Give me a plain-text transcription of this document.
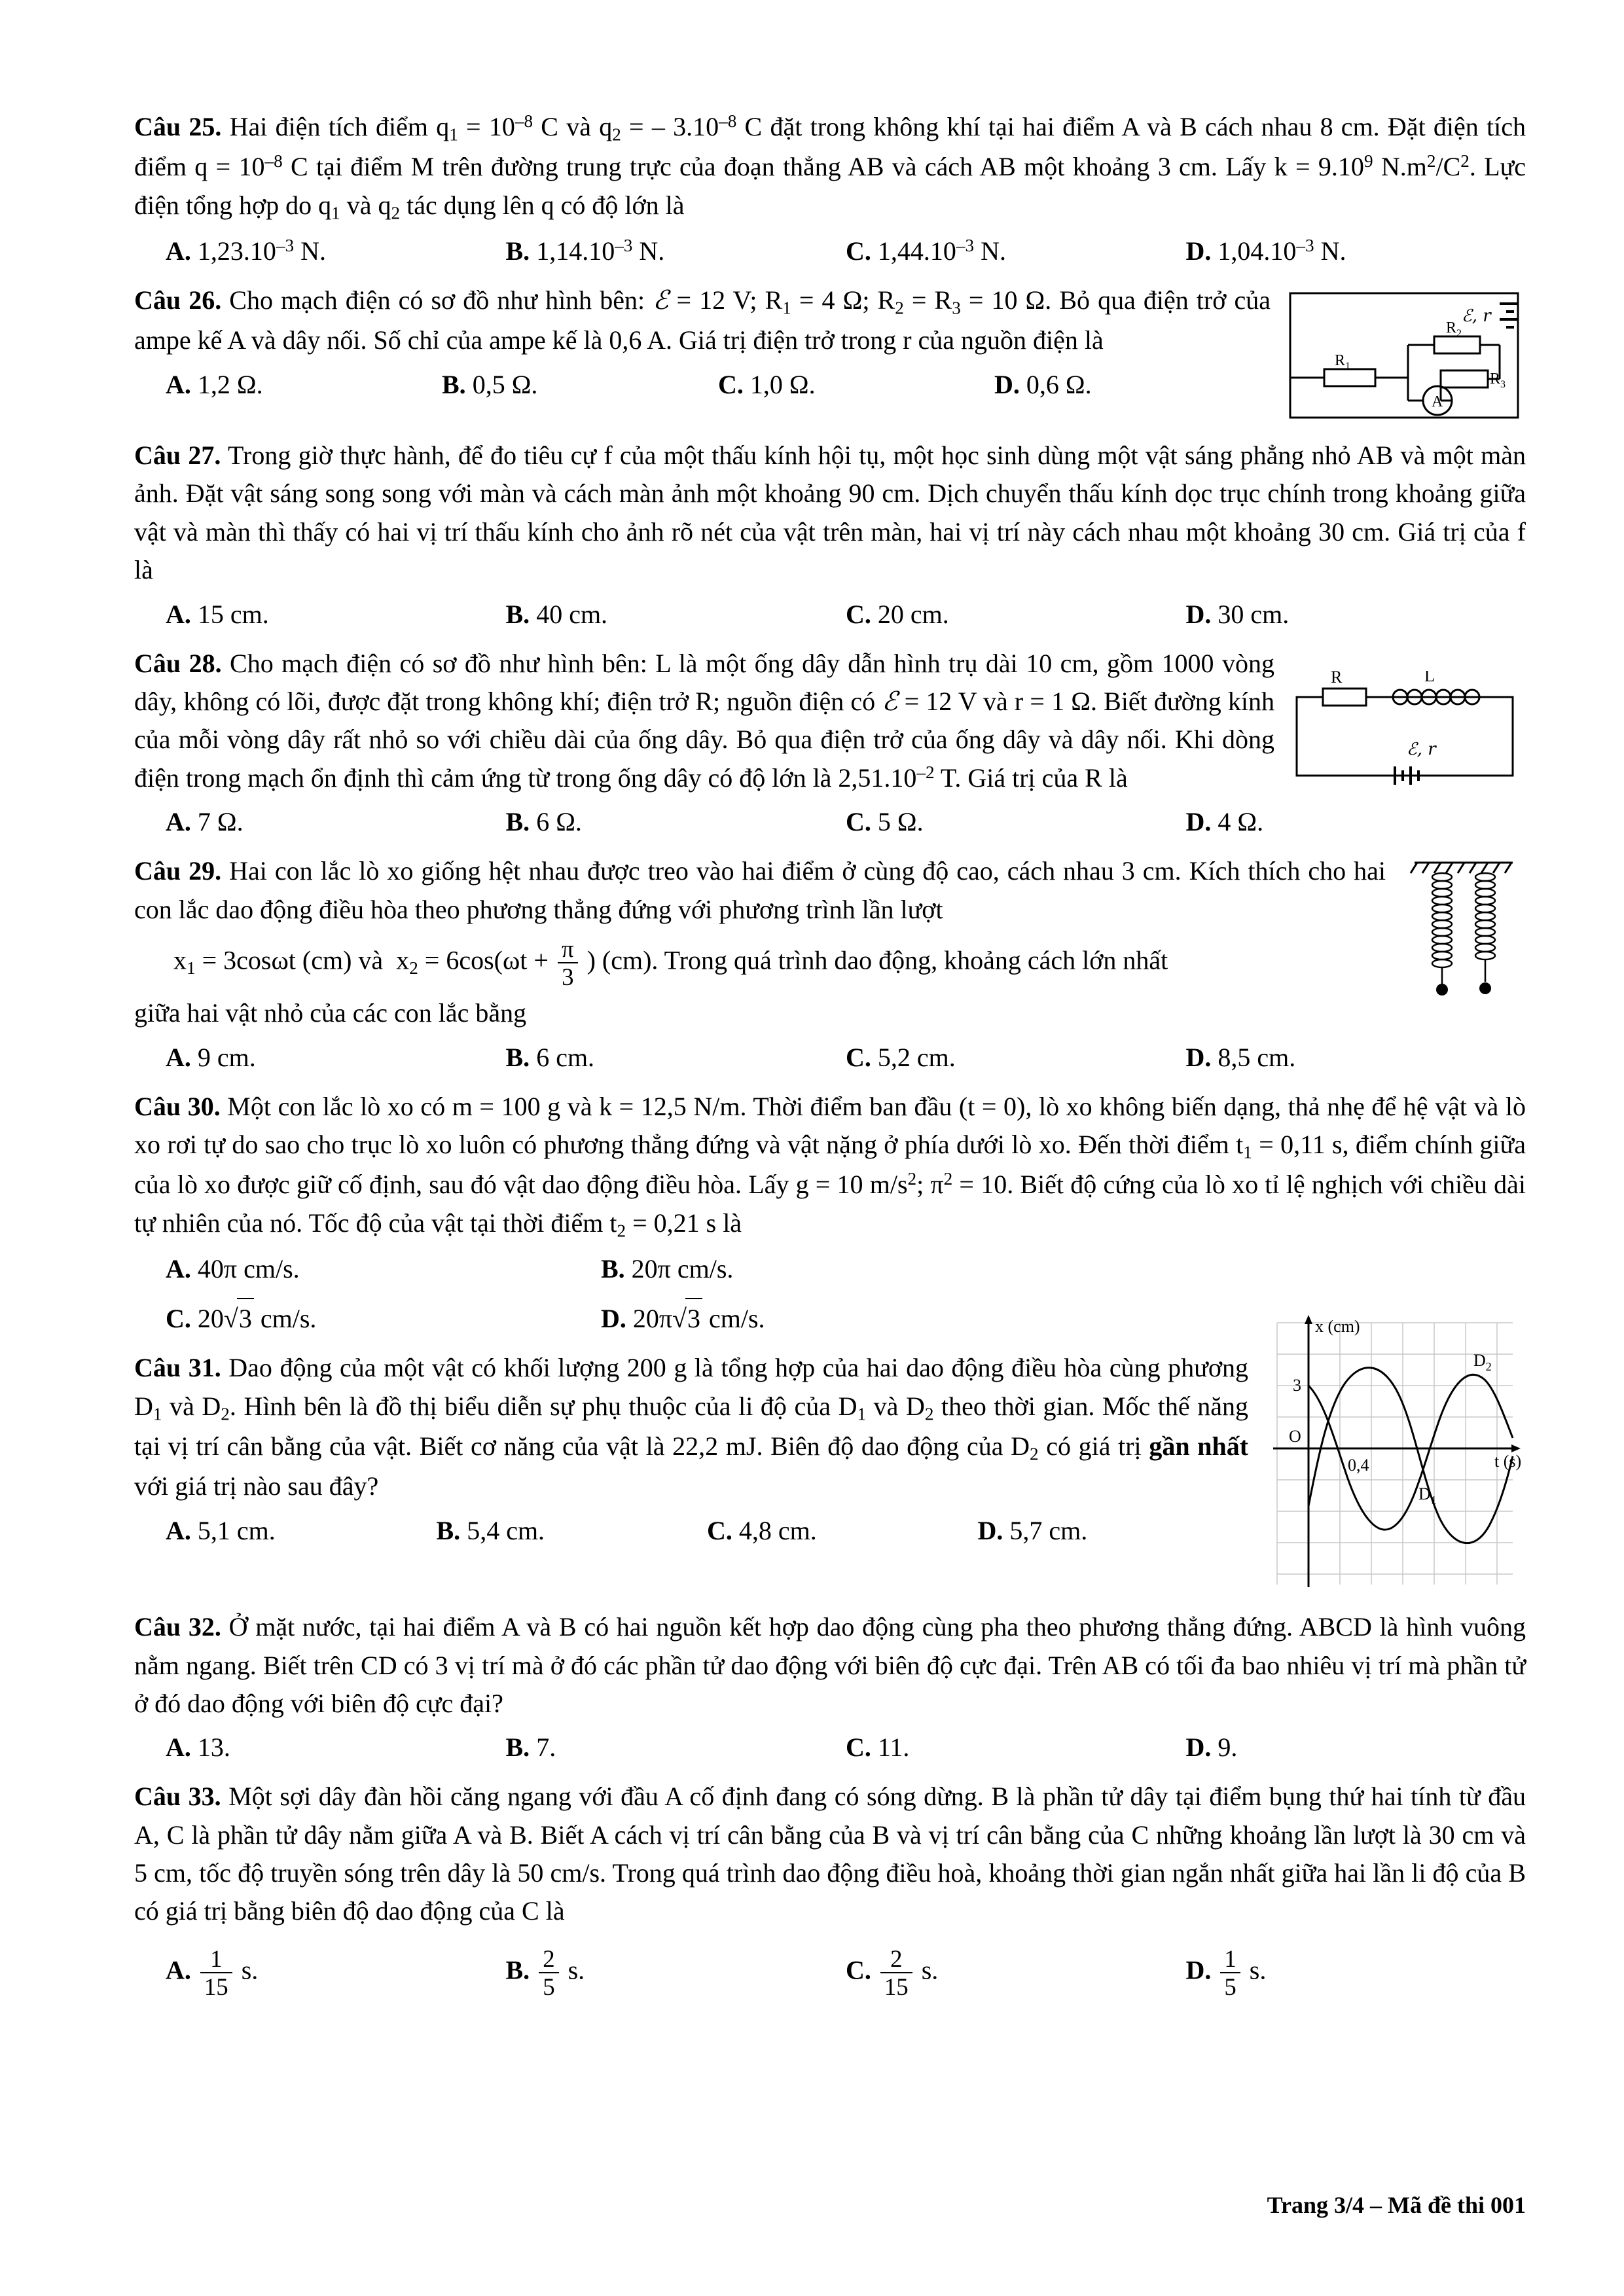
Câu 25. Hai điện tích điểm $q_1 = 10^{-8}$ C và $q_2$ = – $3.10^{-8}$ C đặt trong không khí tại hai điểm A và B cách nhau 8 cm. Đặt điện tích điểm $q = 10^{-8}$ C tại điểm M trên đường trung trực của đoạn thẳng AB và cách AB một khoảng 3 cm. Lấy $k = 9.10^9$ $N.m^2/C^2$. Lực điện tổng hợp do $q_1$ và $q_2$ tác dụng lên q có độ lớn là
A. $1,23.10^{-3}$ N.	B. $1,14.10^{-3}$ N.	C. $1,44.10^{-3}$ N.	D. $1,04.10^{-3}$ N.
ℰ, r
$R_2$
$R_1$
$R_3$
A
Câu 26. Cho mạch điện có sơ đồ như hình bên: ℰ = 12 V; $R_1 = 4$ Ω; $R_2 = R_3 = 10$ Ω. Bỏ qua điện trở của ampe kế A và dây nối. Số chỉ của ampe kế là 0,6 A. Giá trị điện trở trong r của nguồn điện là
A. 1,2 Ω.	B. 0,5 Ω.	C. 1,0 Ω.	D. 0,6 Ω.
Câu 27. Trong giờ thực hành, để đo tiêu cự f của một thấu kính hội tụ, một học sinh dùng một vật sáng phẳng nhỏ AB và một màn ảnh. Đặt vật sáng song song với màn và cách màn ảnh một khoảng 90 cm. Dịch chuyển thấu kính dọc trục chính trong khoảng giữa vật và màn thì thấy có hai vị trí thấu kính cho ảnh rõ nét của vật trên màn, hai vị trí này cách nhau một khoảng 30 cm. Giá trị của f là
A. 15 cm.	B. 40 cm.	C. 20 cm.	D. 30 cm.
R	L
ℰ, r
Câu 28. Cho mạch điện có sơ đồ như hình bên: L là một ống dây dẫn hình trụ dài 10 cm, gồm 1000 vòng dây, không có lõi, được đặt trong không khí; điện trở R; nguồn điện có ℰ = 12 V và r = 1 Ω. Biết đường kính của mỗi vòng dây rất nhỏ so với chiều dài của ống dây. Bỏ qua điện trở của ống dây và dây nối. Khi dòng điện trong mạch ổn định thì cảm ứng từ trong ống dây có độ lớn là $2,51.10^{-2}$ T. Giá trị của R là
A. 7 Ω.	B. 6 Ω.	C. 5 Ω.	D. 4 Ω.
Câu 29. Hai con lắc lò xo giống hệt nhau được treo vào hai điểm ở cùng độ cao, cách nhau 3 cm. Kích thích cho hai con lắc dao động điều hòa theo phương thẳng đứng với phương trình lần lượt
$x_1 = 3\cos\omega t$ (cm) và  $x_2 = 6\cos(\omega t + \frac{\pi}{3}$ ) (cm). Trong quá trình dao động, khoảng cách lớn nhất
giữa hai vật nhỏ của các con lắc bằng
A. 9 cm.	B. 6 cm.	C. 5,2 cm.	D. 8,5 cm.
Câu 30. Một con lắc lò xo có m = 100 g và k = 12,5 N/m. Thời điểm ban đầu (t = 0), lò xo không biến dạng, thả nhẹ để hệ vật và lò xo rơi tự do sao cho trục lò xo luôn có phương thẳng đứng và vật nặng ở phía dưới lò xo. Đến thời điểm $t_1 = 0,11$ s, điểm chính giữa của lò xo được giữ cố định, sau đó vật dao động điều hòa. Lấy g = 10 $m/s^2$; $\pi^2 = 10$. Biết độ cứng của lò xo tỉ lệ nghịch với chiều dài tự nhiên của nó. Tốc độ của vật tại thời điểm $t_2 = 0,21$ s là
A. 40π cm/s.	B. 20π cm/s.
C. 20√3 cm/s.	D. 20π√3 cm/s.	x (cm)
t (s)
3
O
0,4
$D_2$
$D_1$
Câu 31. Dao động của một vật có khối lượng 200 g là tổng hợp của hai dao động điều hòa cùng phương $D_1$ và $D_2$. Hình bên là đồ thị biểu diễn sự phụ thuộc của li độ của $D_1$ và $D_2$ theo thời gian. Mốc thế năng tại vị trí cân bằng của vật. Biết cơ năng của vật là 22,2 mJ. Biên độ dao động của $D_2$ có giá trị gần nhất với giá trị nào sau đây?
A. 5,1 cm.	B. 5,4 cm.	C. 4,8 cm.	D. 5,7 cm.
Câu 32. Ở mặt nước, tại hai điểm A và B có hai nguồn kết hợp dao động cùng pha theo phương thẳng đứng. ABCD là hình vuông nằm ngang. Biết trên CD có 3 vị trí mà ở đó các phần tử dao động với biên độ cực đại. Trên AB có tối đa bao nhiêu vị trí mà phần tử ở đó dao động với biên độ cực đại?
A. 13.	B. 7.	C. 11.	D. 9.
Câu 33. Một sợi dây đàn hồi căng ngang với đầu A cố định đang có sóng dừng. B là phần tử dây tại điểm bụng thứ hai tính từ đầu A, C là phần tử dây nằm giữa A và B. Biết A cách vị trí cân bằng của B và vị trí cân bằng của C những khoảng lần lượt là 30 cm và 5 cm, tốc độ truyền sóng trên dây là 50 cm/s. Trong quá trình dao động điều hoà, khoảng thời gian ngắn nhất giữa hai lần li độ của B có giá trị bằng biên độ dao động của C là
A. $\frac{1}{15} s$.	B. $\frac{2}{5} s$.	C. $\frac{2}{15} s$.	D. $\frac{1}{5} s$.
Trang 3/4 – Mã đề thi 001
